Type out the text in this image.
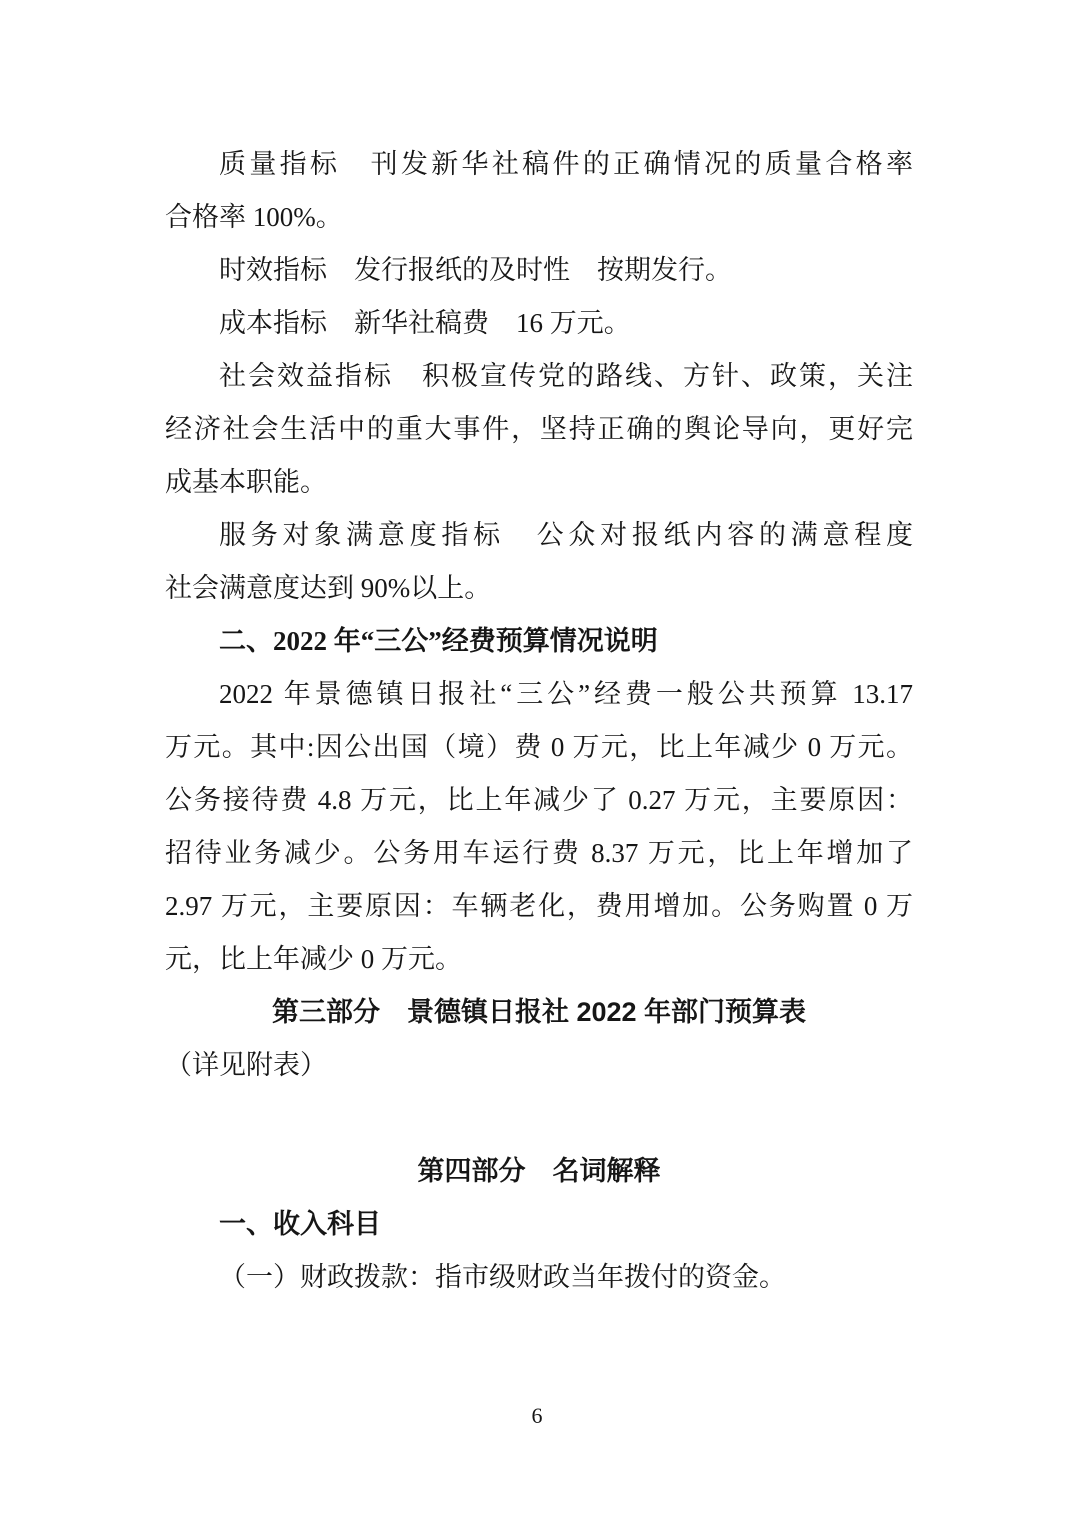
质量指标　刊发新华社稿件的正确情况的质量合格率
合格率 100%。
时效指标　发行报纸的及时性　按期发行。
成本指标　新华社稿费　16 万元。
社会效益指标　积极宣传党的路线、方针、政策，关注
经济社会生活中的重大事件，坚持正确的舆论导向，更好完
成基本职能。
服务对象满意度指标　公众对报纸内容的满意程度
社会满意度达到 90%以上。
二、2022 年“三公”经费预算情况说明
2022 年景德镇日报社“三公”经费一般公共预算 13.17
万元。其中:因公出国（境）费 0 万元，比上年减少 0 万元。
公务接待费 4.8 万元，比上年减少了 0.27 万元，主要原因：
招待业务减少。公务用车运行费 8.37 万元，比上年增加了
2.97 万元，主要原因：车辆老化，费用增加。公务购置 0 万
元，比上年减少 0 万元。
第三部分　景德镇日报社 2022 年部门预算表
（详见附表）
第四部分　名词解释
一、收入科目
（一）财政拨款：指市级财政当年拨付的资金。
6
